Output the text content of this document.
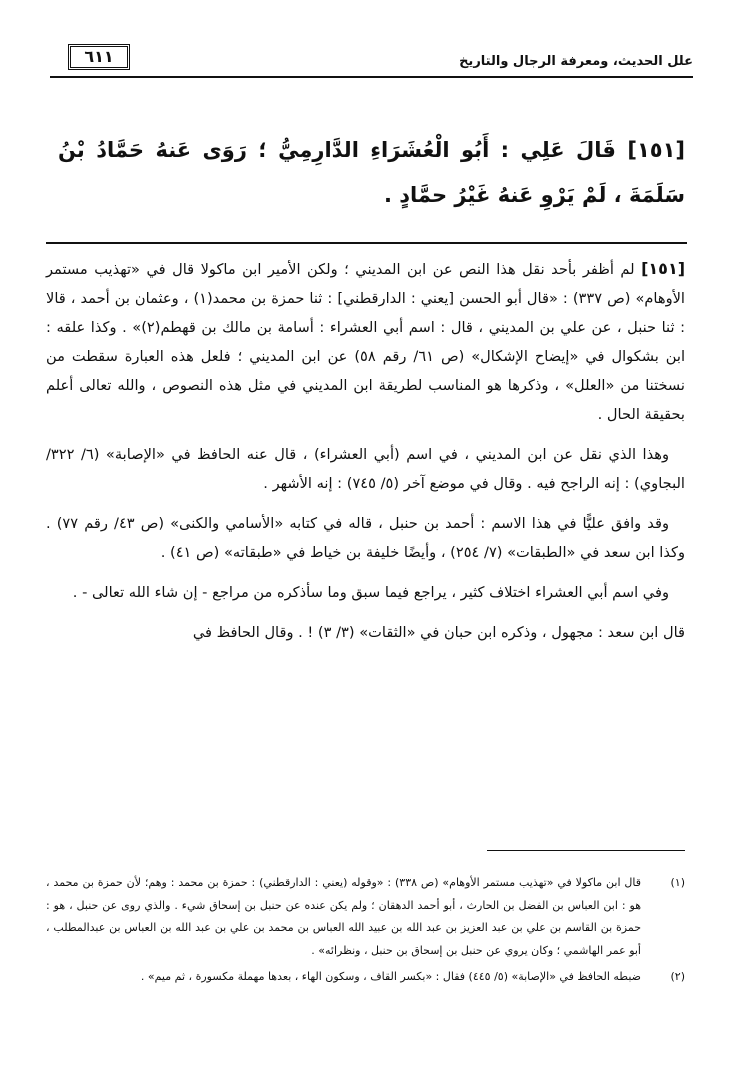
علل الحديث، ومعرفة الرجال والتاريخ
٦١١
[١٥١] قَالَ عَلِي : أَبُو الْعُشَرَاءِ الدَّارِمِيُّ ؛ رَوَى عَنهُ حَمَّادُ بْنُ سَلَمَةَ ، لَمْ يَرْوِ عَنهُ غَيْرُ حمَّادٍ .

[١٥١] لم أظفر بأحد نقل هذا النص عن ابن المديني ؛ ولكن الأمير ابن ماكولا قال في «تهذيب مستمر الأوهام» (ص ٣٣٧) : «قال أبو الحسن [يعني : الدارقطني] : ثنا حمزة بن محمد(١) ، وعثمان بن أحمد ، قالا : ثنا حنبل ، عن علي بن المديني ، قال : اسم أبي العشراء : أسامة بن مالك بن قهطم(٢)» . وكذا علقه : ابن بشكوال في «إيضاح الإشكال» (ص ٦١/ رقم ٥٨) عن ابن المديني ؛ فلعل هذه العبارة سقطت من نسختنا من «العلل» ، وذكرها هو المناسب لطريقة ابن المديني في مثل هذه النصوص ، والله تعالى أعلم بحقيقة الحال .

وهذا الذي نقل عن ابن المديني ، في اسم (أبي العشراء) ، قال عنه الحافظ في «الإصابة» (٦/ ٣٢٢/ البجاوي) : إنه الراجح فيه . وقال في موضع آخر (٥/ ٧٤٥) : إنه الأشهر .

وقد وافق عليًّا في هذا الاسم : أحمد بن حنبل ، قاله في كتابه «الأسامي والكنى» (ص ٤٣/ رقم ٧٧) . وكذا ابن سعد في «الطبقات» (٧/ ٢٥٤) ، وأيضًا خليفة بن خياط في «طبقاته» (ص ٤١) .

وفي اسم أبي العشراء اختلاف كثير ، يراجع فيما سبق وما سأذكره من مراجع - إن شاء الله تعالى - .

قال ابن سعد : مجهول ، وذكره ابن حبان في «الثقات» (٣/ ٣) ! . وقال الحافظ في

(١)
قال ابن ماكولا في «تهذيب مستمر الأوهام» (ص ٣٣٨) : «وقوله (يعني : الدارقطني) : حمزة بن محمد : وهم؛ لأن حمزة بن محمد ، هو : ابن العباس بن الفضل بن الحارث ، أبو أحمد الدهقان ؛ ولم يكن عنده عن حنبل بن إسحاق شيء . والذي روى عن حنبل ، هو : حمزة بن القاسم بن علي بن عبد العزيز بن عبد الله بن عبيد الله العباس بن محمد بن علي بن عبد الله بن العباس بن عبدالمطلب ، أبو عمر الهاشمي ؛ وكان يروي عن حنبل بن إسحاق بن حنبل ، ونظرائه» .
(٢)
ضبطه الحافظ في «الإصابة» (٥/ ٤٤٥) فقال : «بكسر القاف ، وسكون الهاء ، بعدها مهملة مكسورة ، ثم ميم» .
